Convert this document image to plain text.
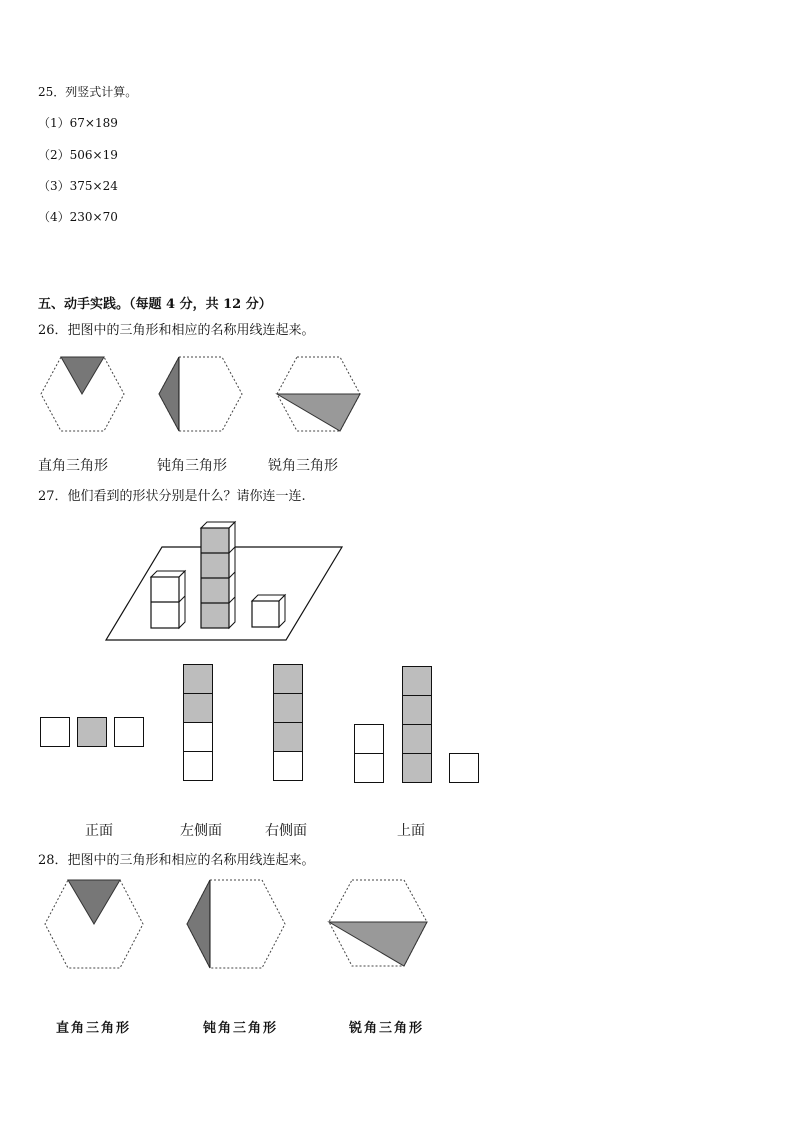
25．列竖式计算。
（1）67×189
（2）506×19
（3）375×24
（4）230×70
五、动手实践。（每题 4 分，共 12 分）
26．把图中的三角形和相应的名称用线连起来。
直角三角形	钝角三角形	锐角三角形
27．他们看到的形状分别是什么？请你连一连.
正面	左侧面	右侧面	上面
28．把图中的三角形和相应的名称用线连起来。
直角三角形	钝角三角形	锐角三角形
